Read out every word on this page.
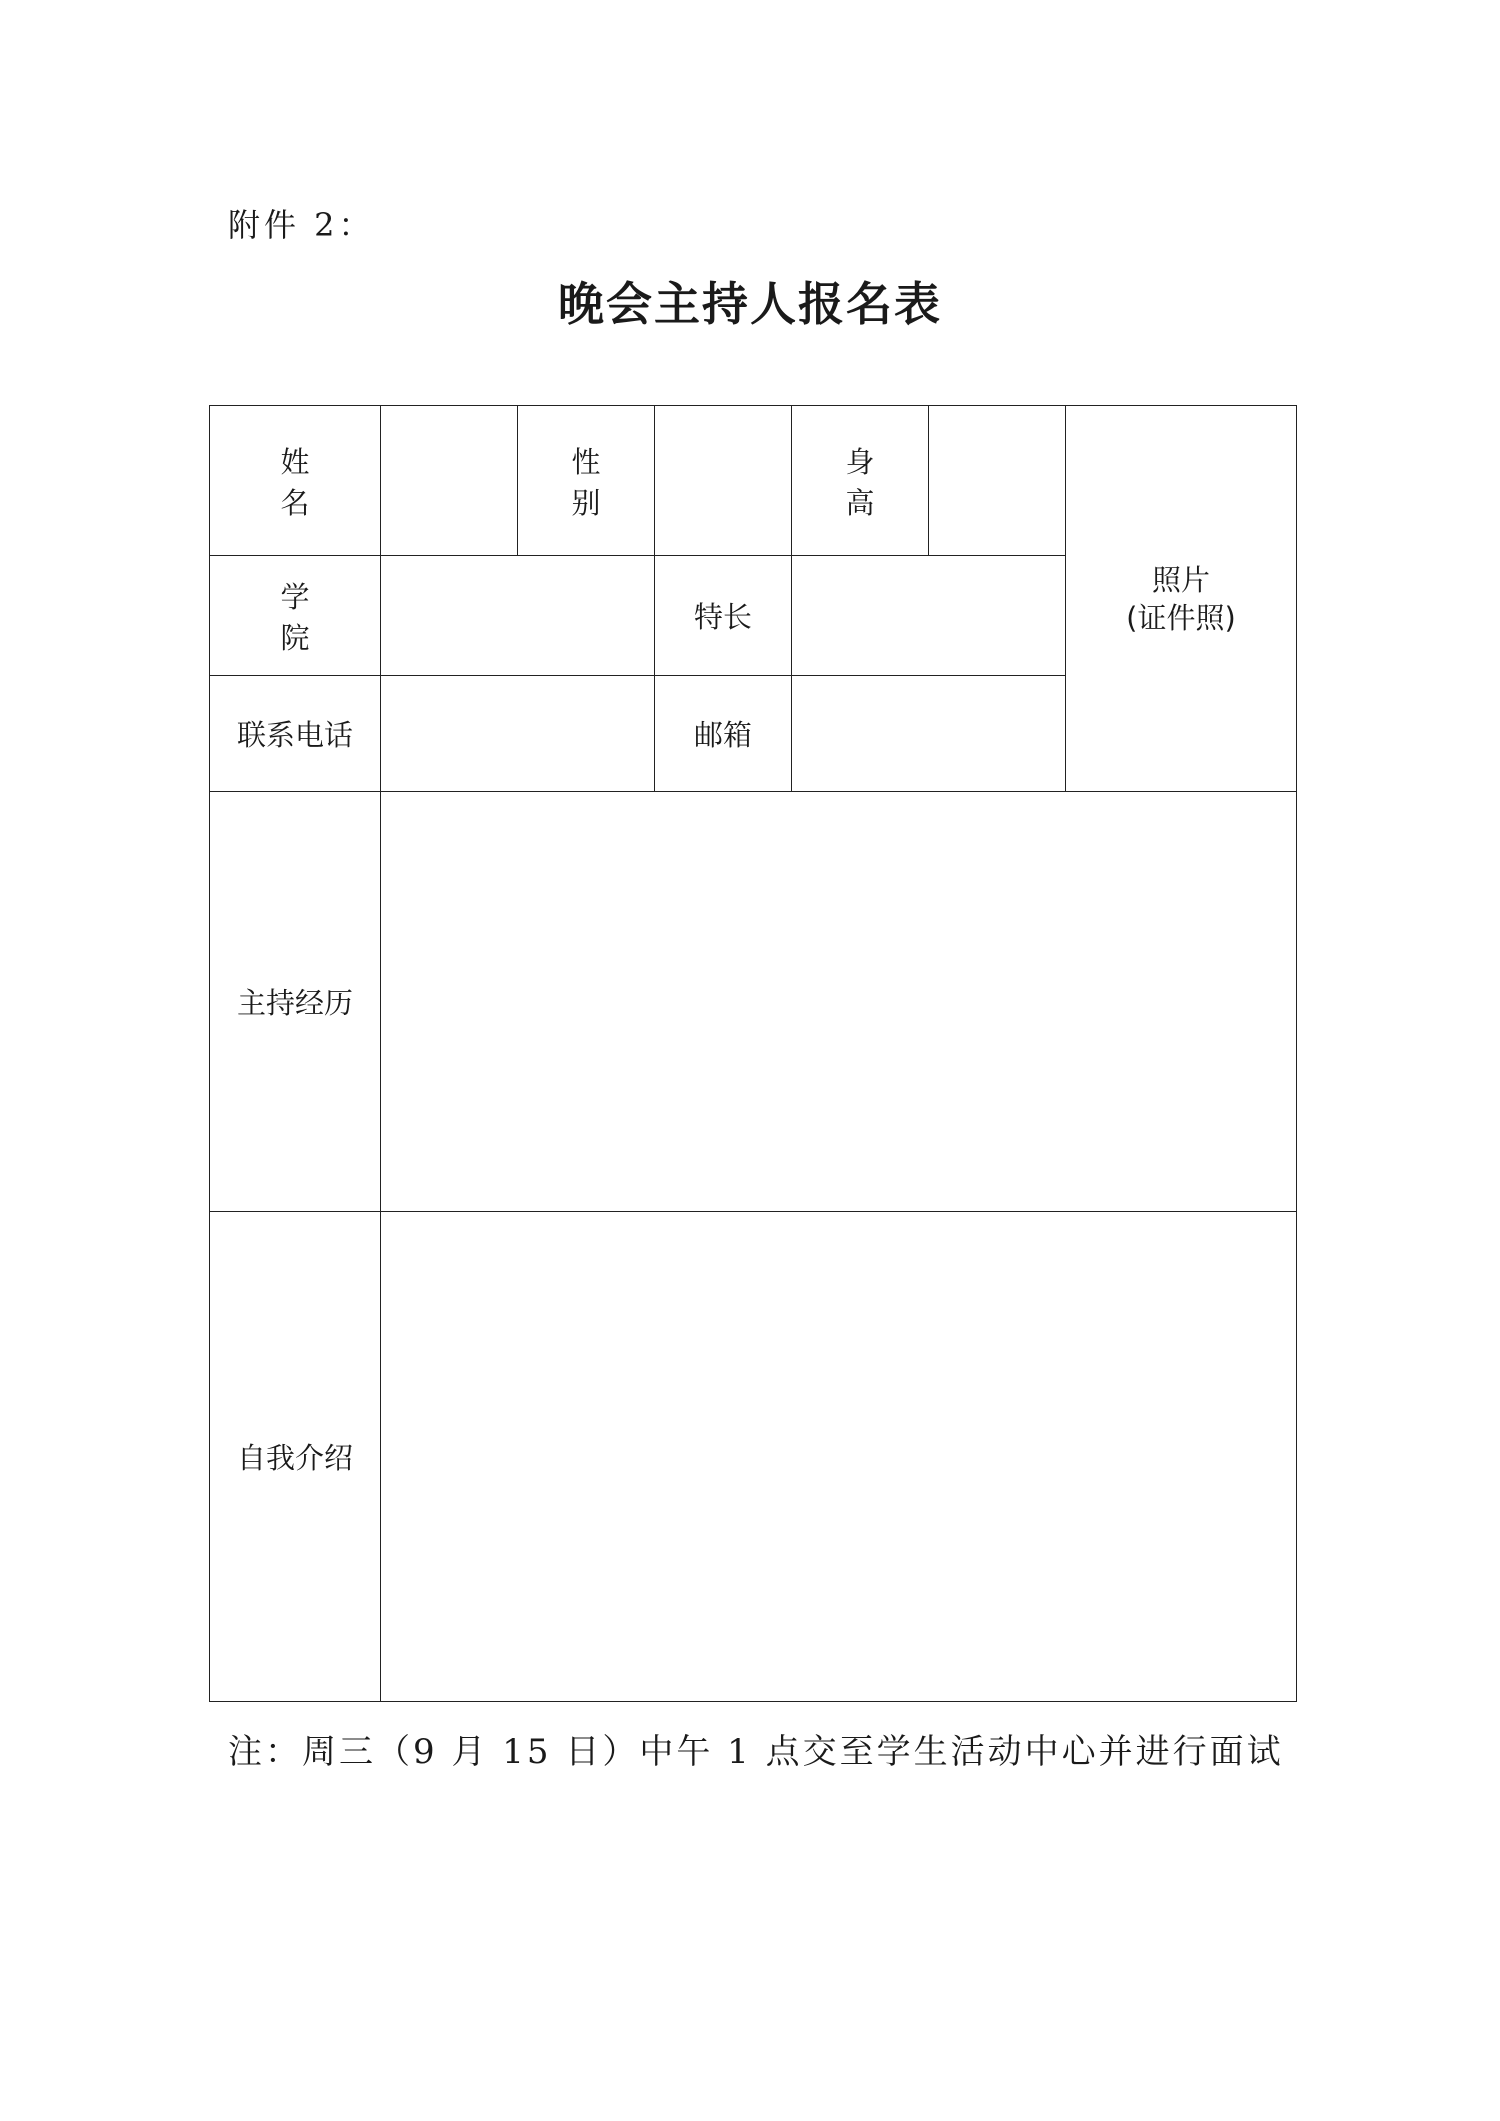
附件 2：
晚会主持人报名表
姓 名		性 别		身 高		照片
(证件照)

学 院			特长			
联系电话			邮箱			
主持经历						
自我介绍						
注：周三（9 月 15 日）中午 1 点交至学生活动中心并进行面试
